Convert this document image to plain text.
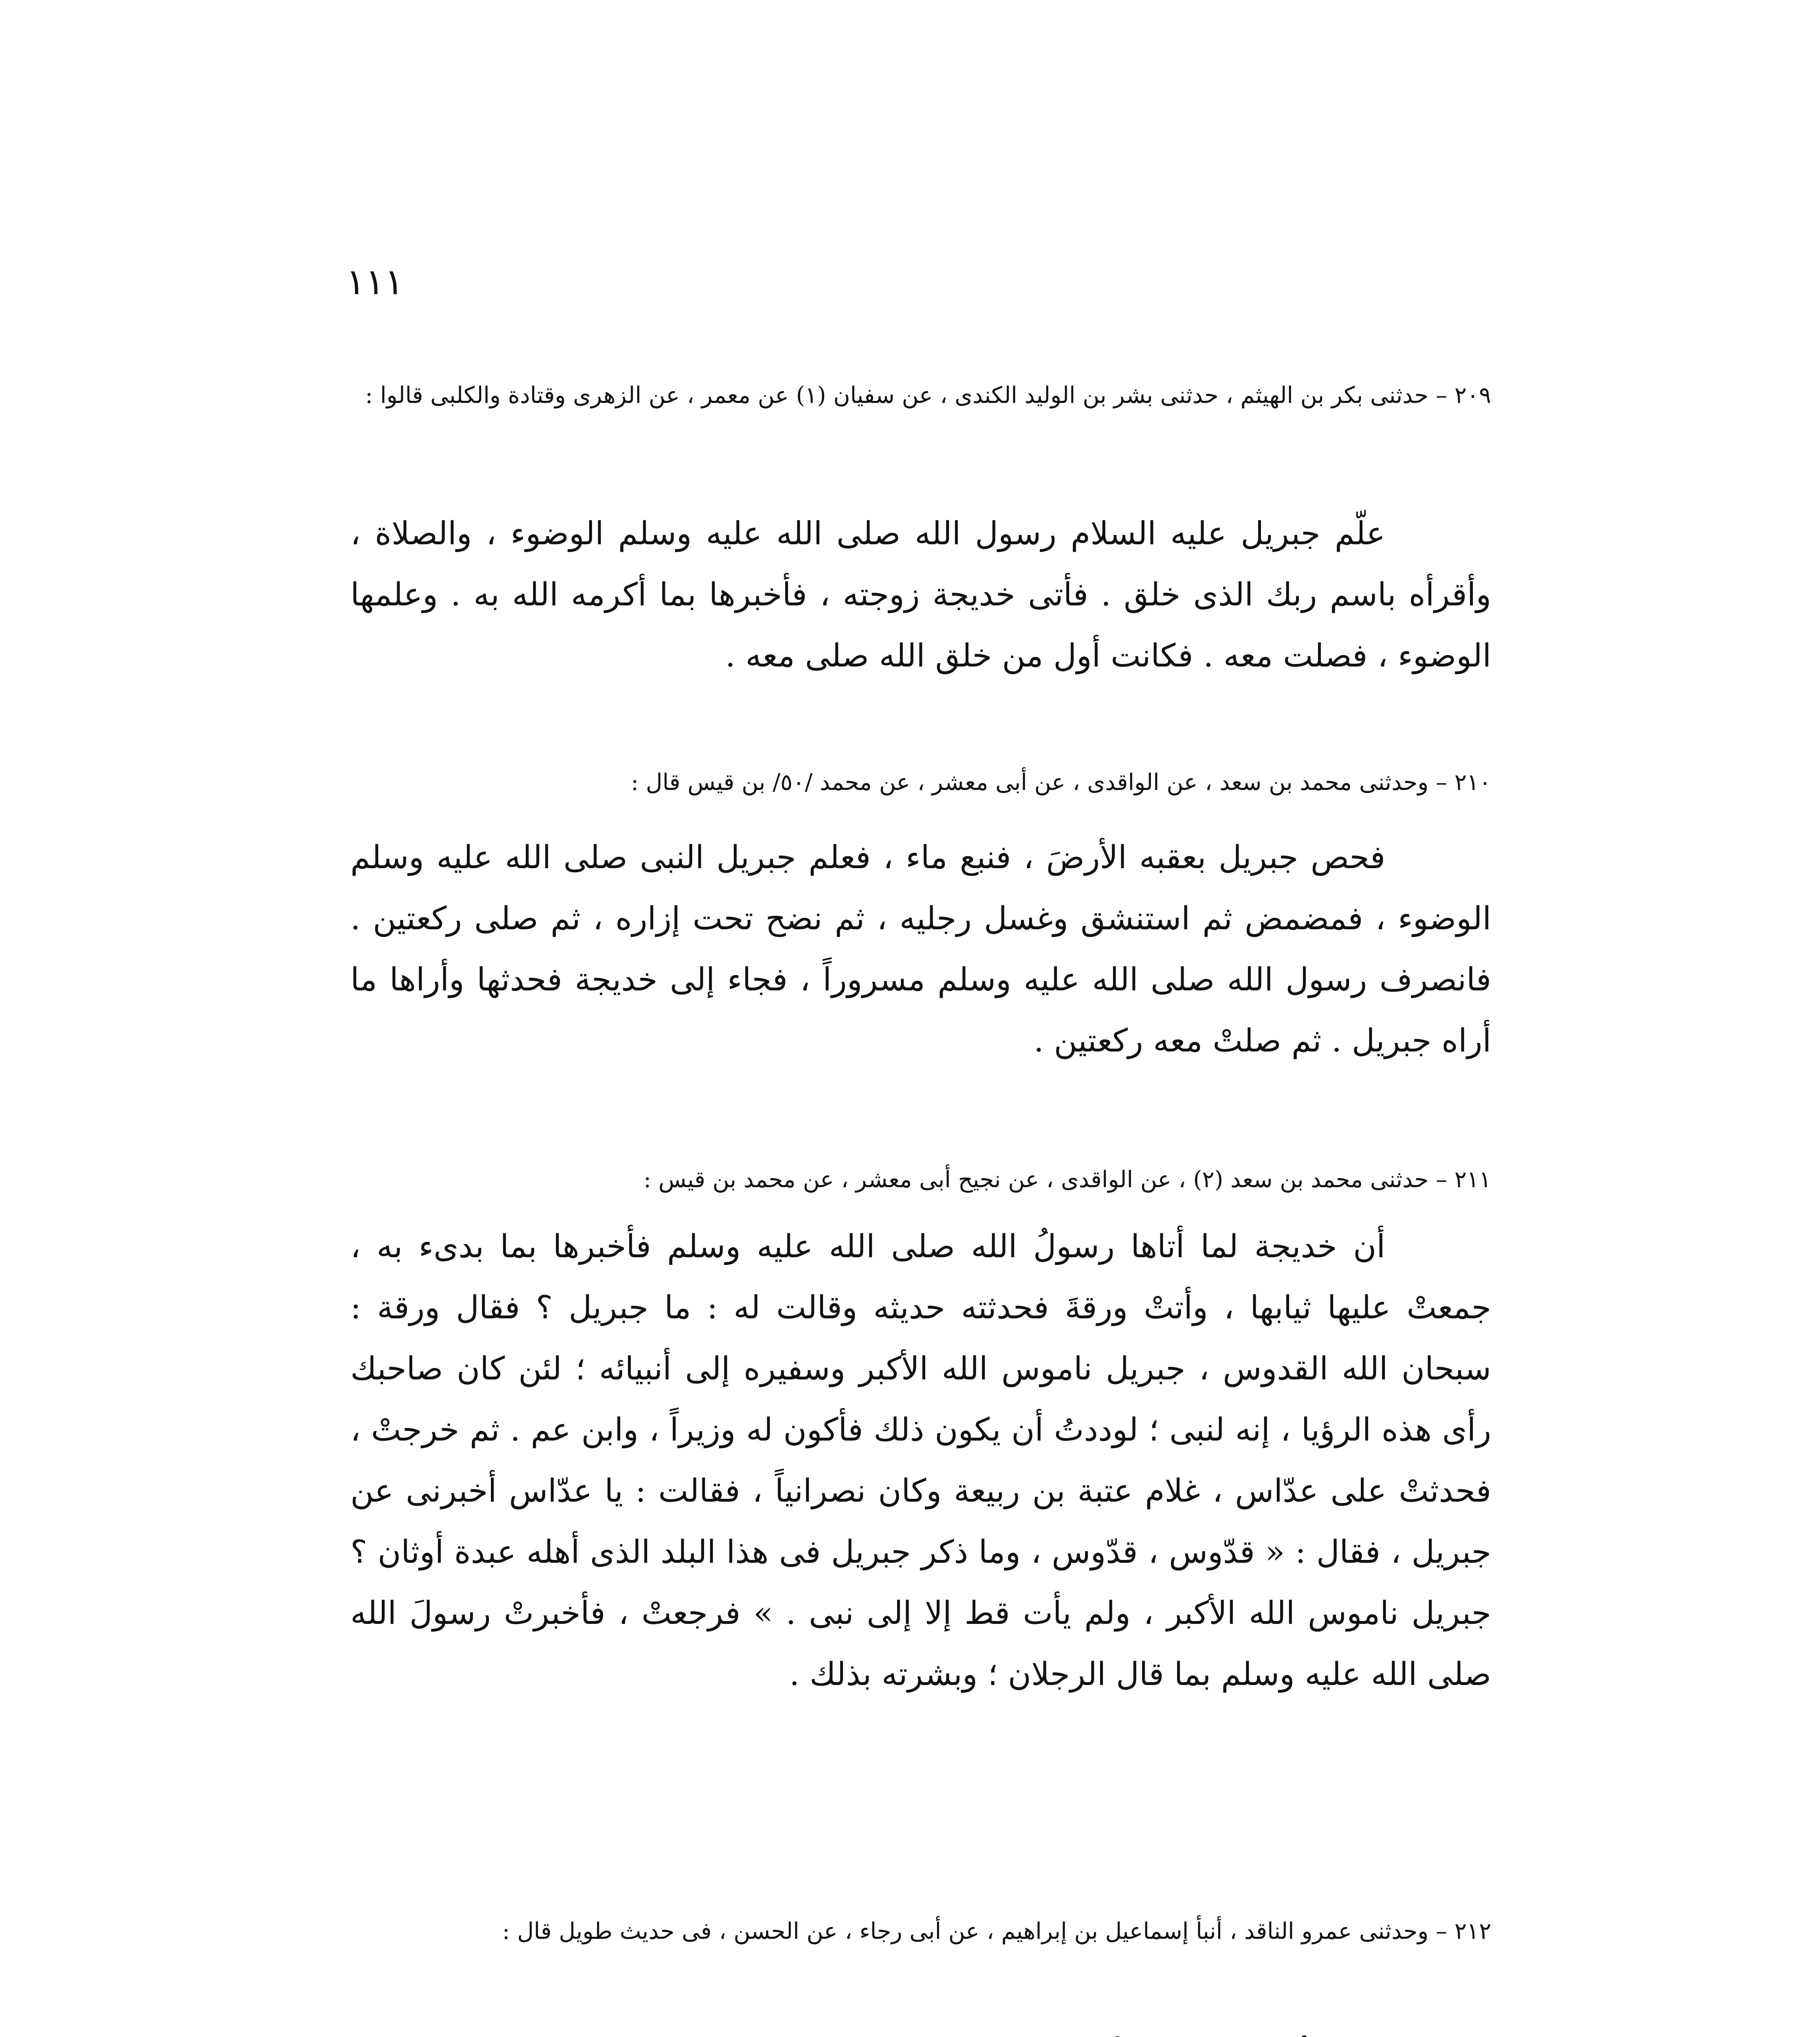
١١١
٢٠٩ – حدثنى بكر بن الهيثم ، حدثنى بشر بن الوليد الكندى ، عن سفيان (١) عن معمر ، عن الزهرى وقتادة والكلبى قالوا :
علّم جبريل عليه السلام رسول الله صلى الله عليه وسلم الوضوء ، والصلاة ، وأقرأه باسم ربك الذى خلق . فأتى خديجة زوجته ، فأخبرها بما أكرمه الله به . وعلمها الوضوء ، فصلت معه . فكانت أول من خلق الله صلى معه .
٢١٠ – وحدثنى محمد بن سعد ، عن الواقدى ، عن أبى معشر ، عن محمد /٥٠/ بن قيس قال :
فحص جبريل بعقبه الأرضَ ، فنبع ماء ، فعلم جبريل النبى صلى الله عليه وسلم الوضوء ، فمضمض ثم استنشق وغسل رجليه ، ثم نضح تحت إزاره ، ثم صلى ركعتين . فانصرف رسول الله صلى الله عليه وسلم مسروراً ، فجاء إلى خديجة فحدثها وأراها ما أراه جبريل . ثم صلتْ معه ركعتين .
٢١١ – حدثنى محمد بن سعد (٢) ، عن الواقدى ، عن نجيح أبى معشر ، عن محمد بن قيس :
أن خديجة لما أتاها رسولُ الله صلى الله عليه وسلم فأخبرها بما بدىء به ، جمعتْ عليها ثيابها ، وأتتْ ورقةَ فحدثته حديثه وقالت له : ما جبريل ؟ فقال ورقة : سبحان الله القدوس ، جبريل ناموس الله الأكبر وسفيره إلى أنبيائه ؛ لئن كان صاحبك رأى هذه الرؤيا ، إنه لنبى ؛ لوددتُ أن يكون ذلك فأكون له وزيراً ، وابن عم . ثم خرجتْ ، فحدثتْ على عدّاس ، غلام عتبة بن ربيعة وكان نصرانياً ، فقالت : يا عدّاس أخبرنى عن جبريل ، فقال : « قدّوس ، قدّوس ، وما ذكر جبريل فى هذا البلد الذى أهله عبدة أوثان ؟ جبريل ناموس الله الأكبر ، ولم يأت قط إلا إلى نبى . » فرجعتْ ، فأخبرتْ رسولَ الله صلى الله عليه وسلم بما قال الرجلان ؛ وبشرته بذلك .
٢١٢ – وحدثنى عمرو الناقد ، أنبأ إسماعيل بن إبراهيم ، عن أبى رجاء ، عن الحسن ، فى حديث طويل قال :
